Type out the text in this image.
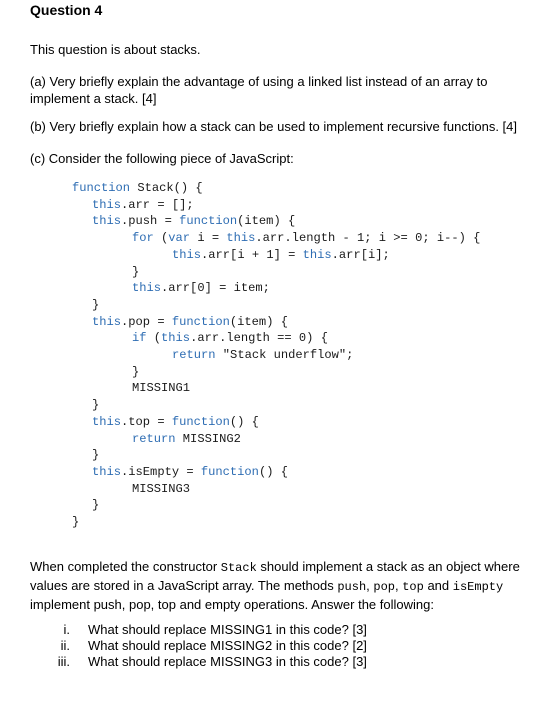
Question 4
This question is about stacks.
(a) Very briefly explain the advantage of using a linked list instead of an array to implement a stack. [4]
(b) Very briefly explain how a stack can be used to implement recursive functions. [4]
(c) Consider the following piece of JavaScript:
function Stack() {
this.arr = [];
this.push = function(item) {
for (var i = this.arr.length - 1; i >= 0; i--) {
this.arr[i + 1] = this.arr[i];
}
this.arr[0] = item;
}
this.pop = function(item) {
if (this.arr.length == 0) {
return "Stack underflow";
}
MISSING1
}
this.top = function() {
return MISSING2
}
this.isEmpty = function() {
MISSING3
}
}
When completed the constructor Stack should implement a stack as an object where values are stored in a JavaScript array. The methods push, pop, top and isEmpty implement push, pop, top and empty operations. Answer the following:
i. What should replace MISSING1 in this code? [3]
ii. What should replace MISSING2 in this code? [2]
iii. What should replace MISSING3 in this code? [3]
